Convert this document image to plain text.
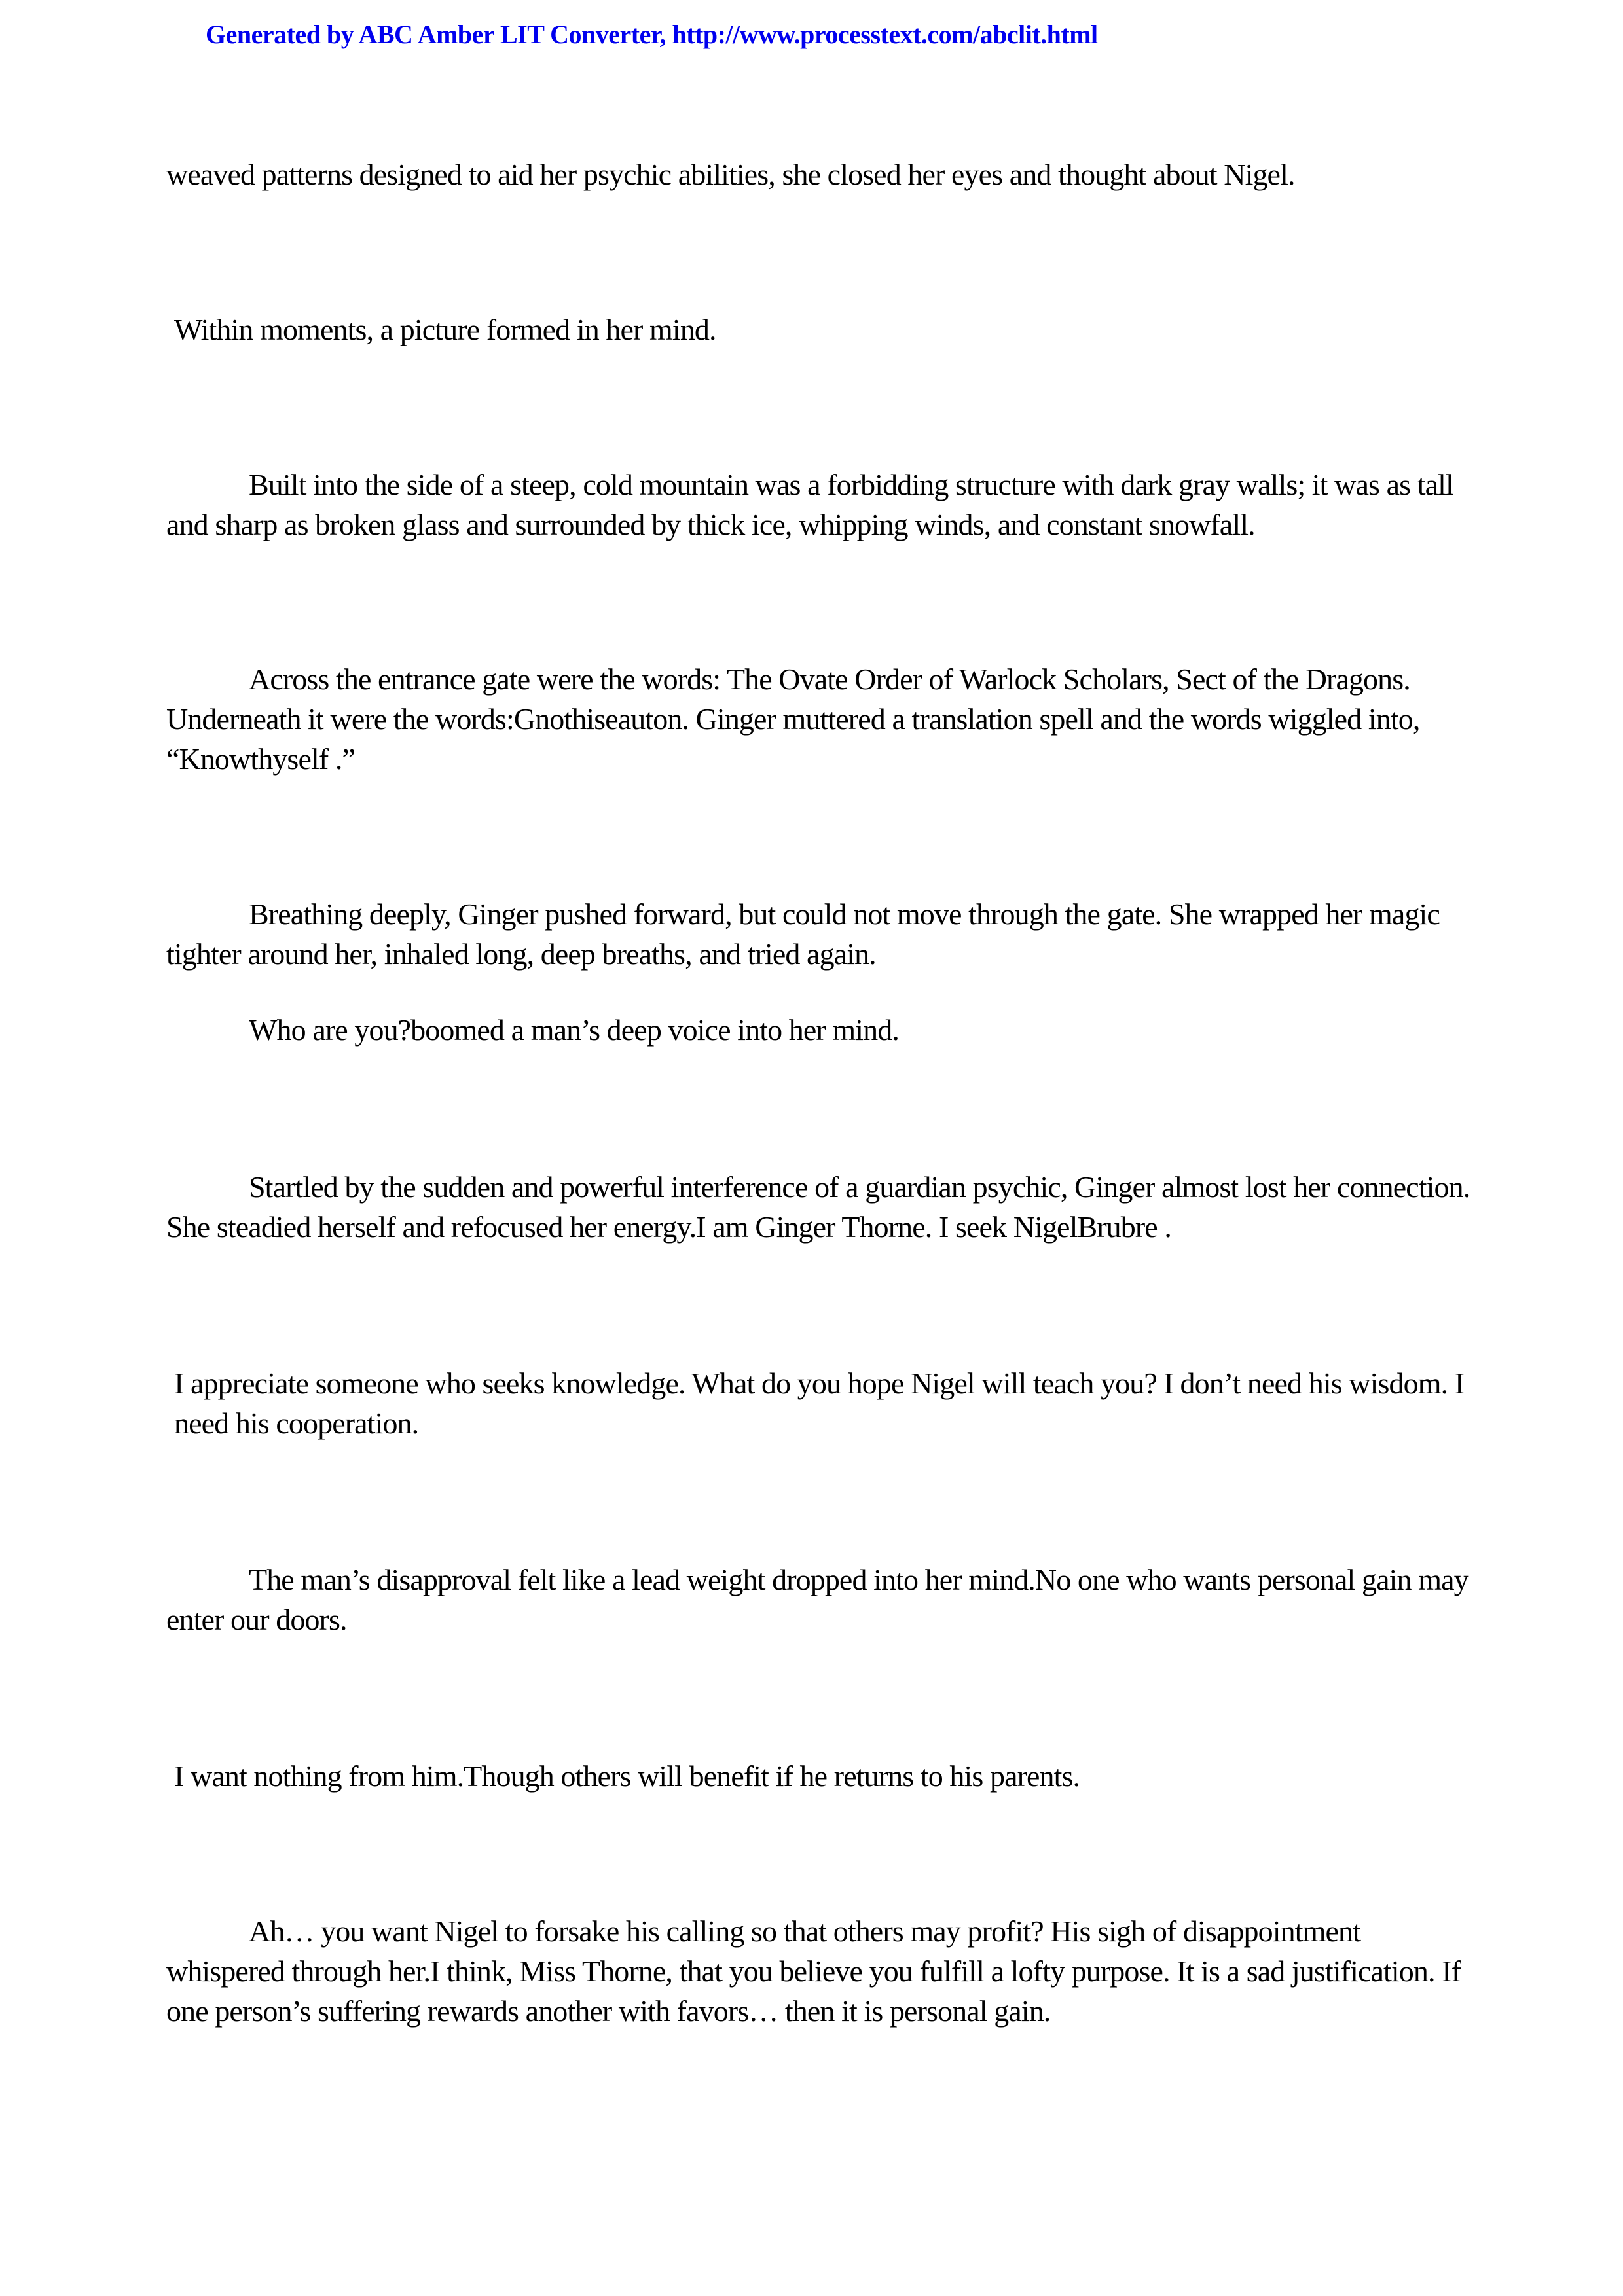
Generated by ABC Amber LIT Converter, http://www.processtext.com/abclit.html

weaved patterns designed to aid her psychic abilities, she closed her eyes and thought about Nigel.

Within moments, a picture formed in her mind.

Built into the side of a steep, cold mountain was a forbidding structure with dark gray walls; it was as tall and sharp as broken glass and surrounded by thick ice, whipping winds, and constant snowfall.

Across the entrance gate were the words: The Ovate Order of Warlock Scholars, Sect of the Dragons. Underneath it were the words:Gnothiseauton. Ginger muttered a translation spell and the words wiggled into, “Knowthyself .”

Breathing deeply, Ginger pushed forward, but could not move through the gate. She wrapped her magic tighter around her, inhaled long, deep breaths, and tried again.

Who are you?boomed a man’s deep voice into her mind.

Startled by the sudden and powerful interference of a guardian psychic, Ginger almost lost her connection. She steadied herself and refocused her energy.I am Ginger Thorne. I seek NigelBrubre .

I appreciate someone who seeks knowledge. What do you hope Nigel will teach you? I don’t need his wisdom. I need his cooperation.

The man’s disapproval felt like a lead weight dropped into her mind.No one who wants personal gain may enter our doors.

I want nothing from him.Though others will benefit if he returns to his parents.

Ah… you want Nigel to forsake his calling so that others may profit? His sigh of disappointment whispered through her.I think, Miss Thorne, that you believe you fulfill a lofty purpose. It is a sad justification. If one person’s suffering rewards another with favors… then it is personal gain.
